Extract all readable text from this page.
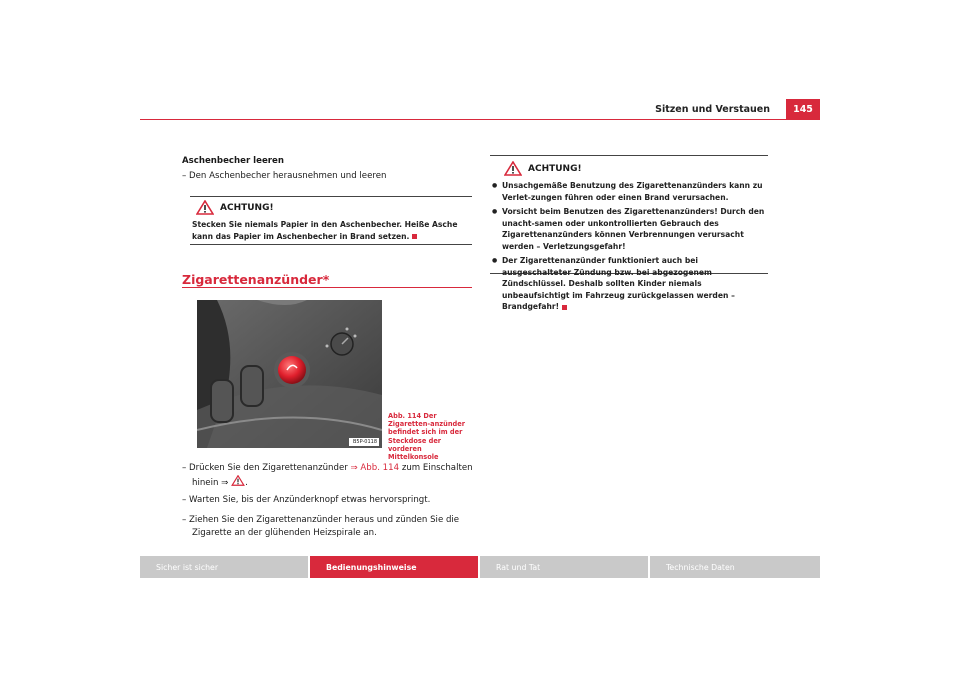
Sitzen und Verstauen	145
Aschenbecher leeren
– Den Aschenbecher herausnehmen und leeren
ACHTUNG!
Stecken Sie niemals Papier in den Aschenbecher. Heiße Asche kann das Papier im Aschenbecher in Brand setzen.
Zigarettenanzünder*
B5P-0118
Abb. 114 Der Zigaretten-anzünder befindet sich im der Steckdose der vorderen Mittelkonsole
– Drücken Sie den Zigarettenanzünder ⇒ Abb. 114 zum Einschalten hinein ⇒ .
– Warten Sie, bis der Anzünderknopf etwas hervorspringt.
– Ziehen Sie den Zigarettenanzünder heraus und zünden Sie die Zigarette an der glühenden Heizspirale an.
ACHTUNG!
● Unsachgemäße Benutzung des Zigarettenanzünders kann zu Verlet-zungen führen oder einen Brand verursachen.
● Vorsicht beim Benutzen des Zigarettenanzünders! Durch den unacht-samen oder unkontrollierten Gebrauch des Zigarettenanzünders können Verbrennungen verursacht werden – Verletzungsgefahr!
● Der Zigarettenanzünder funktioniert auch bei ausgeschalteter Zündung bzw. bei abgezogenem Zündschlüssel. Deshalb sollten Kinder niemals unbeaufsichtigt im Fahrzeug zurückgelassen werden – Brandgefahr!
Sicher ist sicher	Bedienungshinweise	Rat und Tat	Technische Daten
